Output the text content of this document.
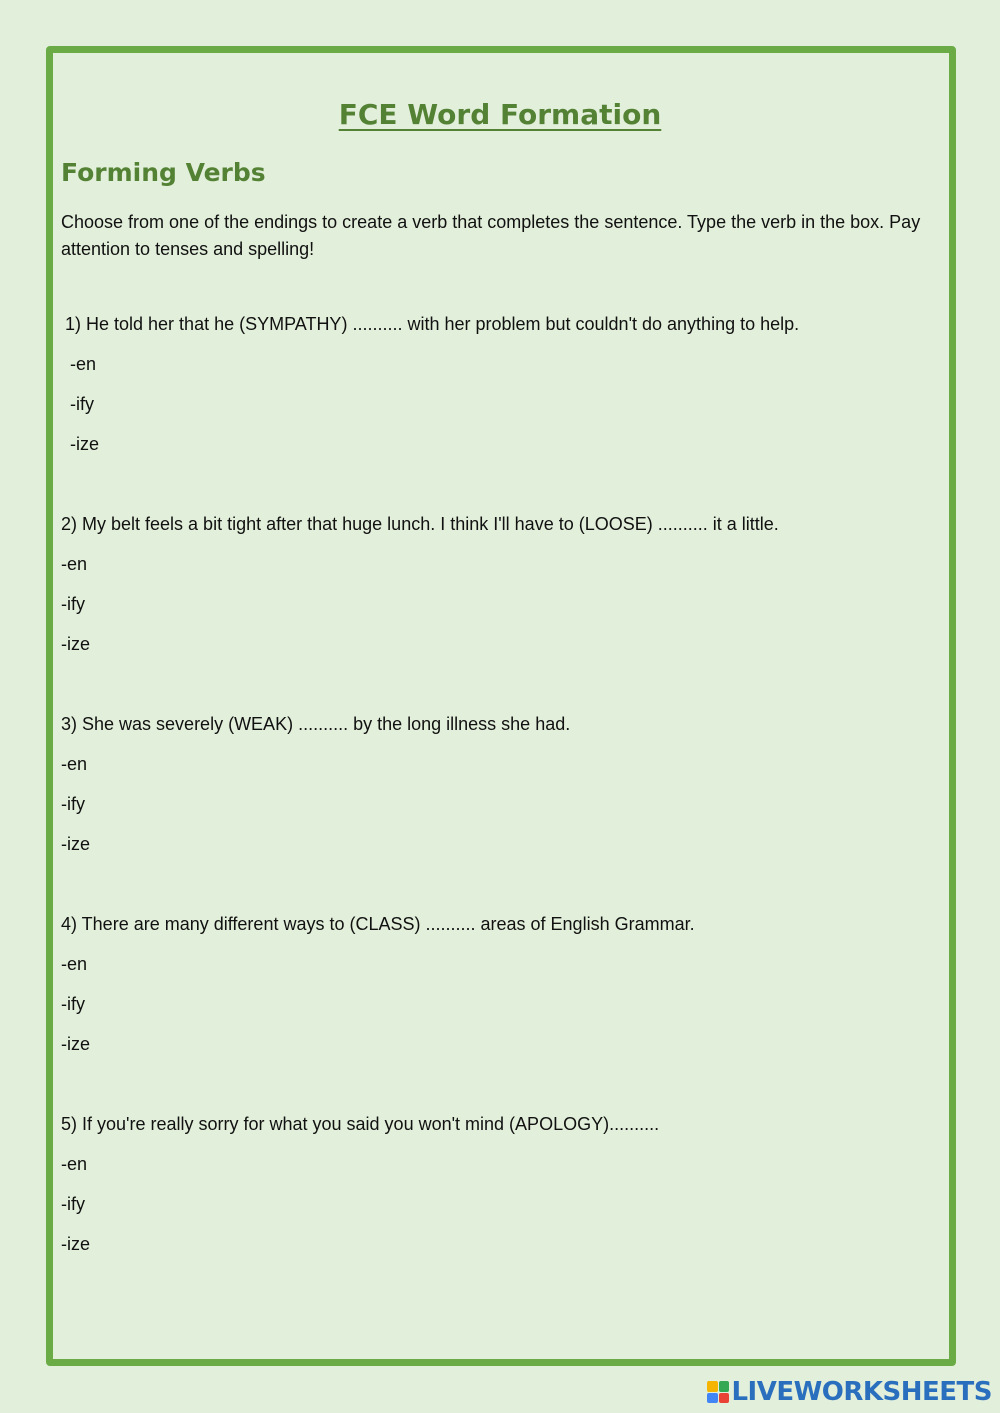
FCE Word Formation
Forming Verbs
Choose from one of the endings to create a verb that completes the sentence. Type the verb in the box. Pay attention to tenses and spelling!
1) He told her that he (SYMPATHY) .......... with her problem but couldn't do anything to help.
-en
-ify
-ize
2) My belt feels a bit tight after that huge lunch. I think I'll have to (LOOSE) .......... it a little.
-en
-ify
-ize
3) She was severely (WEAK) .......... by the long illness she had.
-en
-ify
-ize
4) There are many different ways to (CLASS) .......... areas of English Grammar.
-en
-ify
-ize
5) If you're really sorry for what you said you won't mind (APOLOGY)..........
-en
-ify
-ize
LIVEWORKSHEETS
